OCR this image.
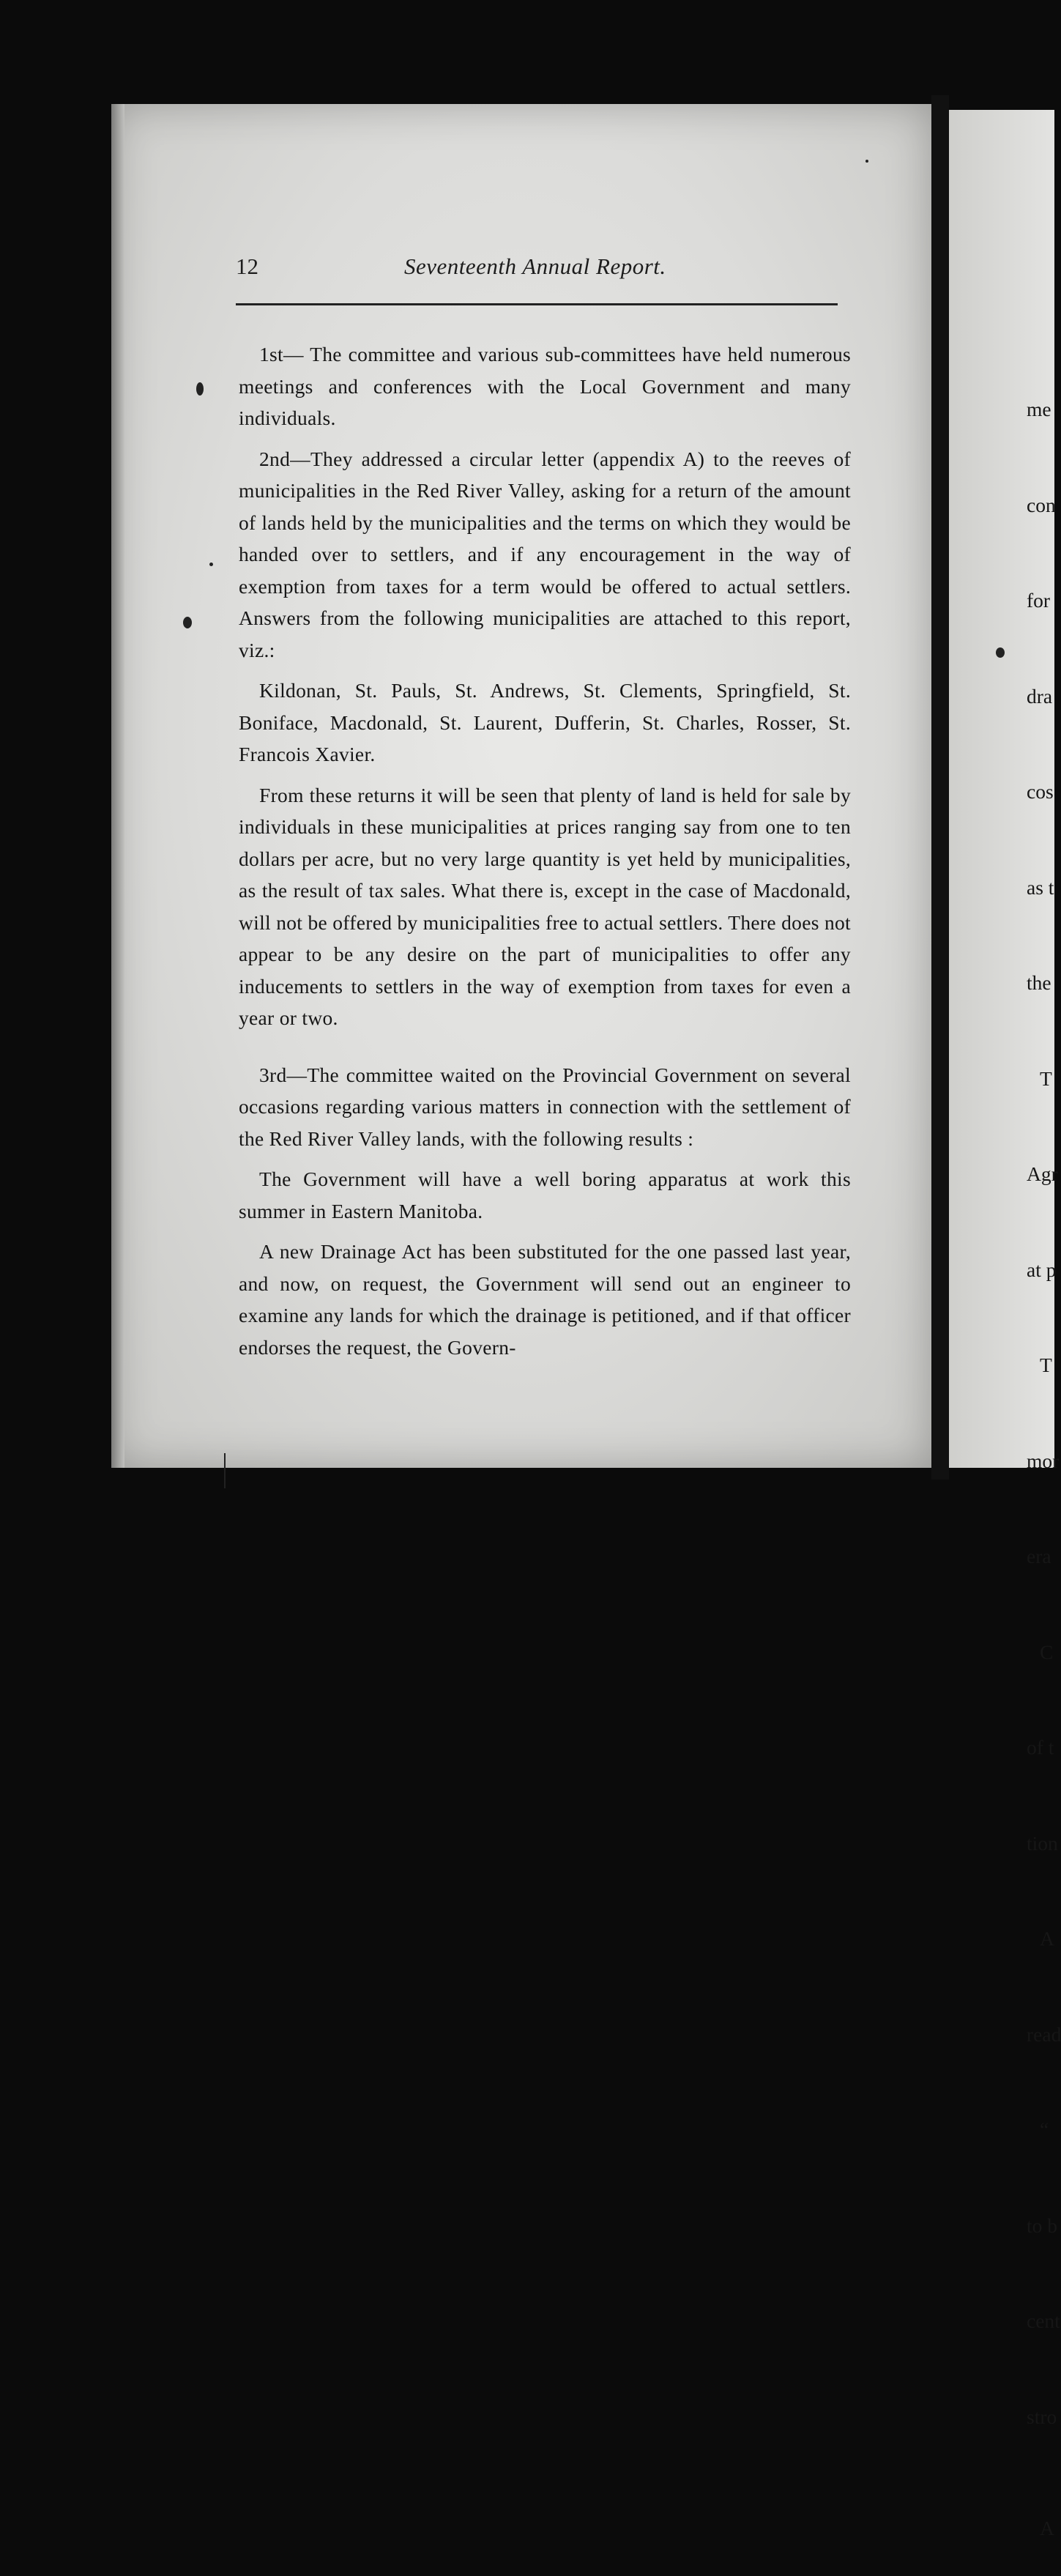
12	Seventeenth Annual Report.

1st— The committee and various sub-committees have held numerous meetings and conferences with the Local Government and many individuals.

2nd—They addressed a circular letter (appendix A) to the reeves of municipalities in the Red River Valley, asking for a return of the amount of lands held by the municipalities and the terms on which they would be handed over to settlers, and if any encouragement in the way of exemption from taxes for a term would be offered to actual settlers. Answers from the following municipalities are attached to this report, viz.:

Kildonan, St. Pauls, St. Andrews, St. Clements, Springfield, St. Boniface, Macdonald, St. Laurent, Dufferin, St. Charles, Rosser, St. Francois Xavier.

From these returns it will be seen that plenty of land is held for sale by individuals in these municipalities at prices ranging say from one to ten dollars per acre, but no very large quantity is yet held by municipalities, as the result of tax sales. What there is, except in the case of Macdonald, will not be offered by municipalities free to actual settlers. There does not appear to be any desire on the part of municipalities to offer any inducements to settlers in the way of exemption from taxes for even a year or two.

3rd—The committee waited on the Provincial Government on several occasions regarding various matters in connection with the settlement of the Red River Valley lands, with the following results :

The Government will have a well boring apparatus at work this summer in Eastern Manitoba.

A new Drainage Act has been substituted for the one passed last year, and now, on request, the Government will send out an engineer to examine any lands for which the drainage is petitioned, and if that officer endorses the request, the Govern-

me

con

for

dra

cos

as t

the

T

Agr

at p

T

mor

era

C

of t

tion

A

read

“

to b

cent

stro

A
